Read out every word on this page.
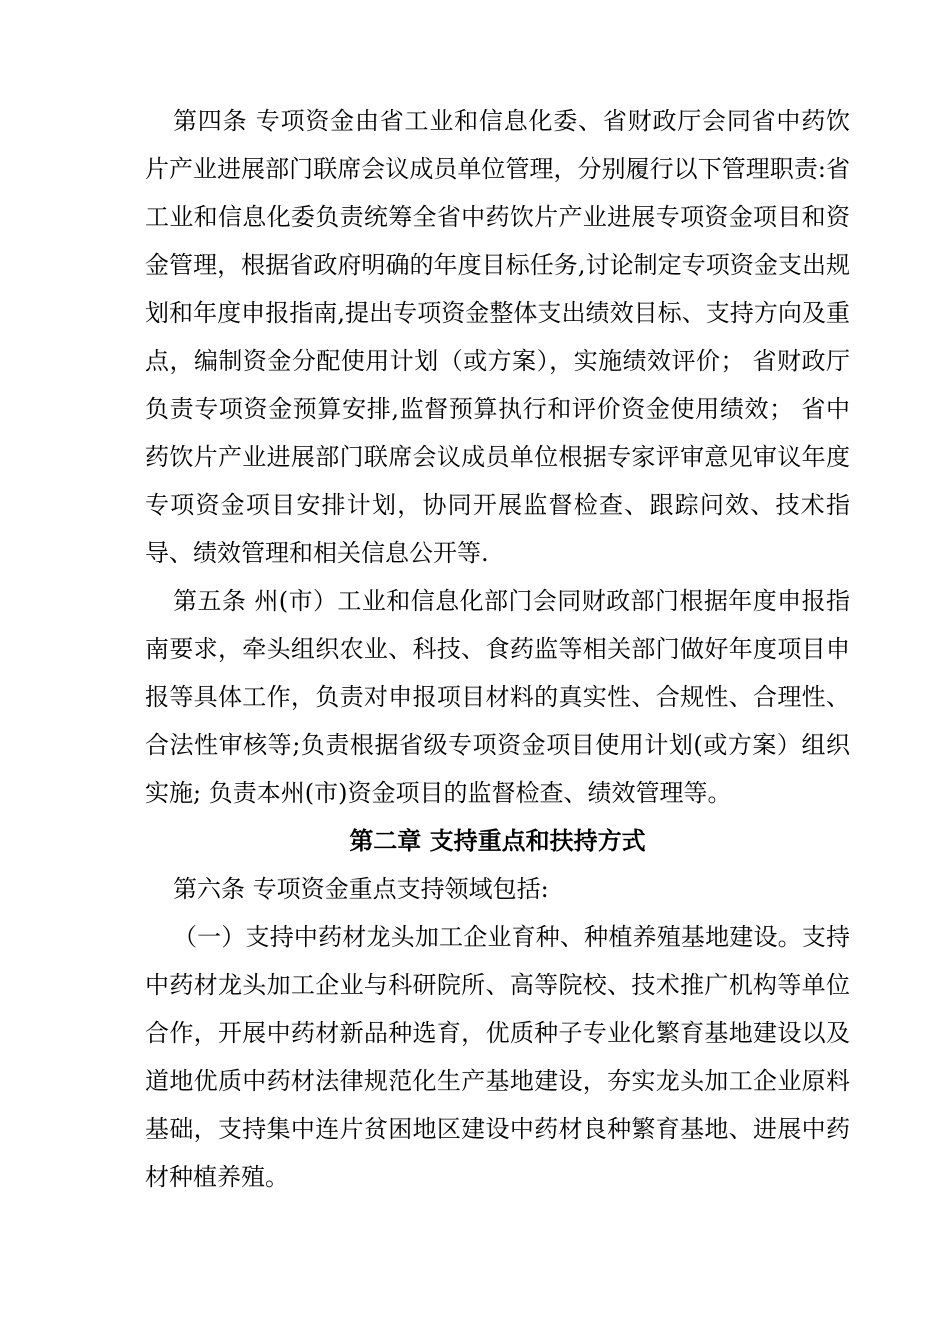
第四条 专项资金由省工业和信息化委、省财政厅会同省中药饮片产业进展部门联席会议成员单位管理，分别履行以下管理职责:省工业和信息化委负责统筹全省中药饮片产业进展专项资金项目和资金管理，根据省政府明确的年度目标任务,讨论制定专项资金支出规划和年度申报指南,提出专项资金整体支出绩效目标、支持方向及重点，编制资金分配使用计划（或方案），实施绩效评价； 省财政厅负责专项资金预算安排,监督预算执行和评价资金使用绩效； 省中药饮片产业进展部门联席会议成员单位根据专家评审意见审议年度专项资金项目安排计划，协同开展监督检查、跟踪问效、技术指导、绩效管理和相关信息公开等.

第五条 州(市）工业和信息化部门会同财政部门根据年度申报指南要求，牵头组织农业、科技、食药监等相关部门做好年度项目申报等具体工作，负责对申报项目材料的真实性、合规性、合理性、合法性审核等;负责根据省级专项资金项目使用计划(或方案）组织实施; 负责本州(市)资金项目的监督检查、绩效管理等。

第二章 支持重点和扶持方式

第六条 专项资金重点支持领域包括:

（一）支持中药材龙头加工企业育种、种植养殖基地建设。支持中药材龙头加工企业与科研院所、高等院校、技术推广机构等单位合作，开展中药材新品种选育，优质种子专业化繁育基地建设以及道地优质中药材法律规范化生产基地建设，夯实龙头加工企业原料基础，支持集中连片贫困地区建设中药材良种繁育基地、进展中药材种植养殖。
